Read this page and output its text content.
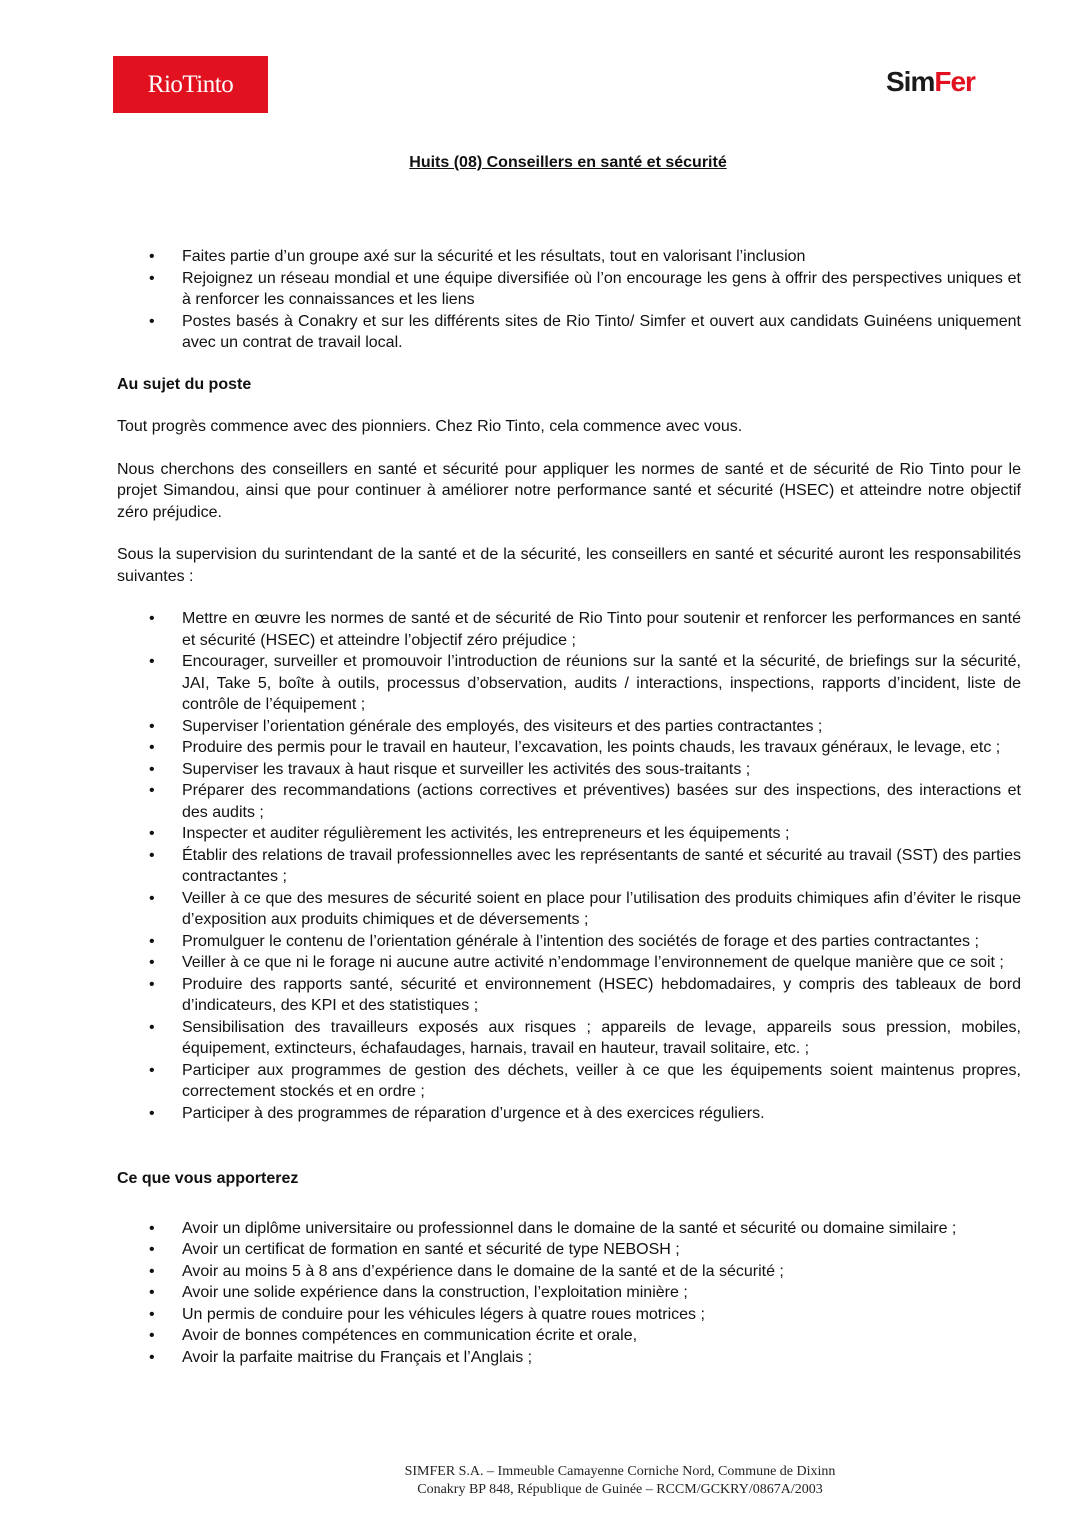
RioTinto	SimFer
Huits (08) Conseillers en santé et sécurité
• Faites partie d’un groupe axé sur la sécurité et les résultats, tout en valorisant l’inclusion
• Rejoignez un réseau mondial et une équipe diversifiée où l’on encourage les gens à offrir des perspectives uniques et à renforcer les connaissances et les liens
• Postes basés à Conakry et sur les différents sites de Rio Tinto/ Simfer et ouvert aux candidats Guinéens uniquement avec un contrat de travail local.

Au sujet du poste

Tout progrès commence avec des pionniers. Chez Rio Tinto, cela commence avec vous.

Nous cherchons des conseillers en santé et sécurité pour appliquer les normes de santé et de sécurité de Rio Tinto pour le projet Simandou, ainsi que pour continuer à améliorer notre performance santé et sécurité (HSEC) et atteindre notre objectif zéro préjudice.

Sous la supervision du surintendant de la santé et de la sécurité, les conseillers en santé et sécurité auront les responsabilités suivantes :

• Mettre en œuvre les normes de santé et de sécurité de Rio Tinto pour soutenir et renforcer les performances en santé et sécurité (HSEC) et atteindre l’objectif zéro préjudice ;
• Encourager, surveiller et promouvoir l’introduction de réunions sur la santé et la sécurité, de briefings sur la sécurité, JAI, Take 5, boîte à outils, processus d’observation, audits / interactions, inspections, rapports d’incident, liste de contrôle de l’équipement ;
• Superviser l’orientation générale des employés, des visiteurs et des parties contractantes ;
• Produire des permis pour le travail en hauteur, l’excavation, les points chauds, les travaux généraux, le levage, etc ;
• Superviser les travaux à haut risque et surveiller les activités des sous-traitants ;
• Préparer des recommandations (actions correctives et préventives) basées sur des inspections, des interactions et des audits ;
• Inspecter et auditer régulièrement les activités, les entrepreneurs et les équipements ;
• Établir des relations de travail professionnelles avec les représentants de santé et sécurité au travail (SST) des parties contractantes ;
• Veiller à ce que des mesures de sécurité soient en place pour l’utilisation des produits chimiques afin d’éviter le risque d’exposition aux produits chimiques et de déversements ;
• Promulguer le contenu de l’orientation générale à l’intention des sociétés de forage et des parties contractantes ;
• Veiller à ce que ni le forage ni aucune autre activité n’endommage l’environnement de quelque manière que ce soit ;
• Produire des rapports santé, sécurité et environnement (HSEC) hebdomadaires, y compris des tableaux de bord d’indicateurs, des KPI et des statistiques ;
• Sensibilisation des travailleurs exposés aux risques ; appareils de levage, appareils sous pression, mobiles, équipement, extincteurs, échafaudages, harnais, travail en hauteur, travail solitaire, etc. ;
• Participer aux programmes de gestion des déchets, veiller à ce que les équipements soient maintenus propres, correctement stockés et en ordre ;
• Participer à des programmes de réparation d’urgence et à des exercices réguliers.

Ce que vous apporterez

• Avoir un diplôme universitaire ou professionnel dans le domaine de la santé et sécurité ou domaine similaire ;
• Avoir un certificat de formation en santé et sécurité de type NEBOSH ;
• Avoir au moins 5 à 8 ans d’expérience dans le domaine de la santé et de la sécurité ;
• Avoir une solide expérience dans la construction, l’exploitation minière ;
• Un permis de conduire pour les véhicules légers à quatre roues motrices ;
• Avoir de bonnes compétences en communication écrite et orale,
• Avoir la parfaite maitrise du Français et l’Anglais ;
SIMFER S.A. – Immeuble Camayenne Corniche Nord, Commune de Dixinn
Conakry BP 848, République de Guinée – RCCM/GCKRY/0867A/2003
